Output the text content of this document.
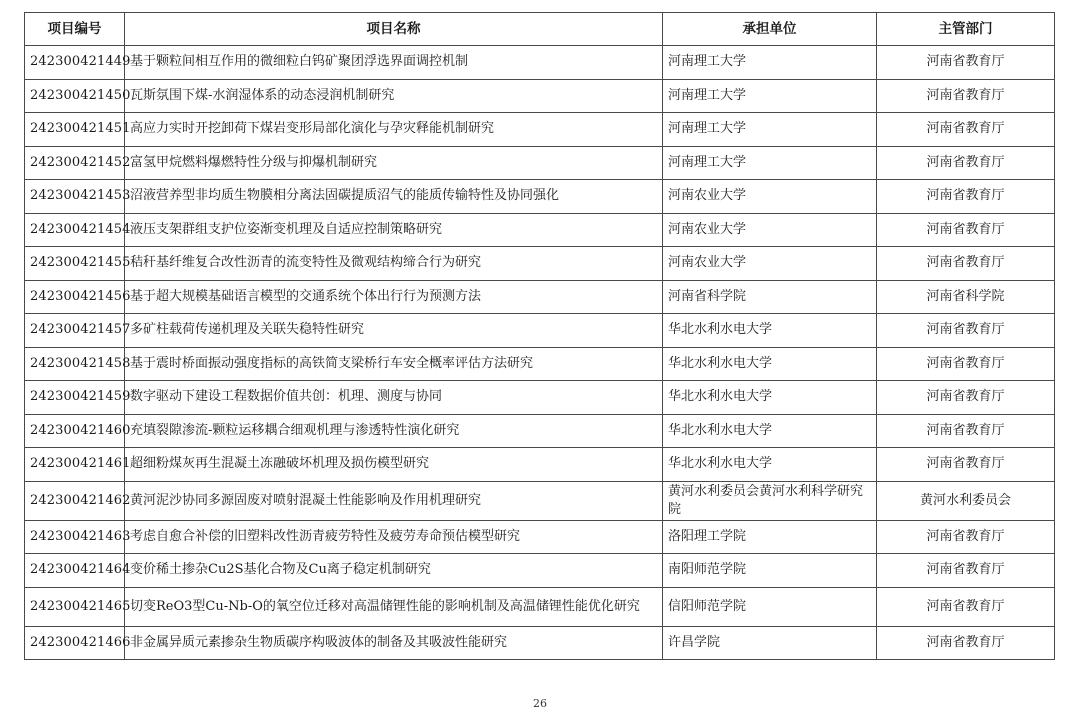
项目编号	项目名称	承担单位	主管部门
242300421449	基于颗粒间相互作用的微细粒白钨矿聚团浮选界面调控机制	河南理工大学	河南省教育厅
242300421450	瓦斯氛围下煤-水润湿体系的动态浸润机制研究	河南理工大学	河南省教育厅
242300421451	高应力实时开挖卸荷下煤岩变形局部化演化与孕灾释能机制研究	河南理工大学	河南省教育厅
242300421452	富氢甲烷燃料爆燃特性分级与抑爆机制研究	河南理工大学	河南省教育厅
242300421453	沼液营养型非均质生物膜相分离法固碳提质沼气的能质传输特性及协同强化	河南农业大学	河南省教育厅
242300421454	液压支架群组支护位姿渐变机理及自适应控制策略研究	河南农业大学	河南省教育厅
242300421455	秸秆基纤维复合改性沥青的流变特性及微观结构缔合行为研究	河南农业大学	河南省教育厅
242300421456	基于超大规模基础语言模型的交通系统个体出行行为预测方法	河南省科学院	河南省科学院
242300421457	多矿柱载荷传递机理及关联失稳特性研究	华北水利水电大学	河南省教育厅
242300421458	基于震时桥面振动强度指标的高铁简支梁桥行车安全概率评估方法研究	华北水利水电大学	河南省教育厅
242300421459	数字驱动下建设工程数据价值共创：机理、测度与协同	华北水利水电大学	河南省教育厅
242300421460	充填裂隙渗流-颗粒运移耦合细观机理与渗透特性演化研究	华北水利水电大学	河南省教育厅
242300421461	超细粉煤灰再生混凝土冻融破坏机理及损伤模型研究	华北水利水电大学	河南省教育厅
242300421462	黄河泥沙协同多源固废对喷射混凝土性能影响及作用机理研究	黄河水利委员会黄河水利科学研究院	黄河水利委员会
242300421463	考虑自愈合补偿的旧塑料改性沥青疲劳特性及疲劳寿命预估模型研究	洛阳理工学院	河南省教育厅
242300421464	变价稀土掺杂Cu2S基化合物及Cu离子稳定机制研究	南阳师范学院	河南省教育厅
242300421465	切变ReO3型Cu-Nb-O的氧空位迁移对高温储锂性能的影响机制及高温储锂性能优化研究	信阳师范学院	河南省教育厅
242300421466	非金属异质元素掺杂生物质碳序构吸波体的制备及其吸波性能研究	许昌学院	河南省教育厅
26
